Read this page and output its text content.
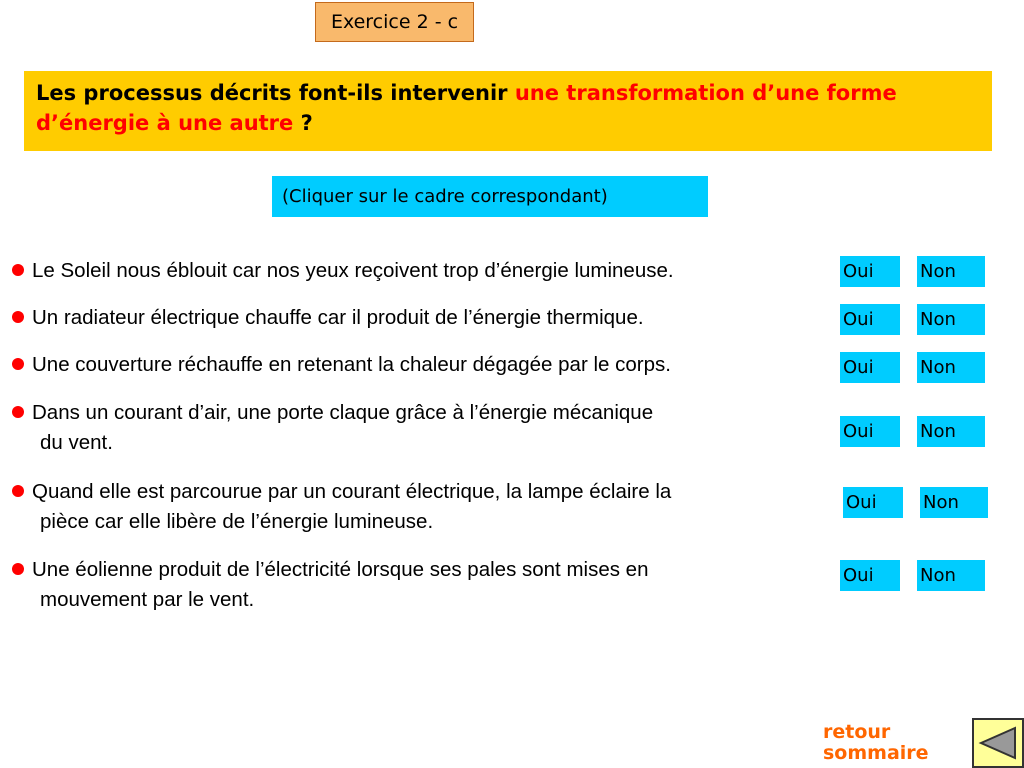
Exercice 2 - c
Les processus décrits font-ils intervenir une transformation d’une forme d’énergie à une autre ?
(Cliquer sur le cadre correspondant)
Le Soleil nous éblouit car nos yeux reçoivent trop d’énergie lumineuse.	Oui	Non
Un radiateur électrique chauffe car il produit de l’énergie thermique.	Oui	Non
Une couverture réchauffe en retenant la chaleur dégagée par le corps.	Oui	Non
Dans un courant d’air, une porte claque grâce à l’énergie mécanique
du vent.	Oui	Non
Quand elle est parcourue par un courant électrique, la lampe éclaire la
pièce car elle libère de l’énergie lumineuse.
Oui	Non
Une éolienne produit de l’électricité lorsque ses pales sont mises en
mouvement par le vent.
Oui	Non
retour
sommaire
